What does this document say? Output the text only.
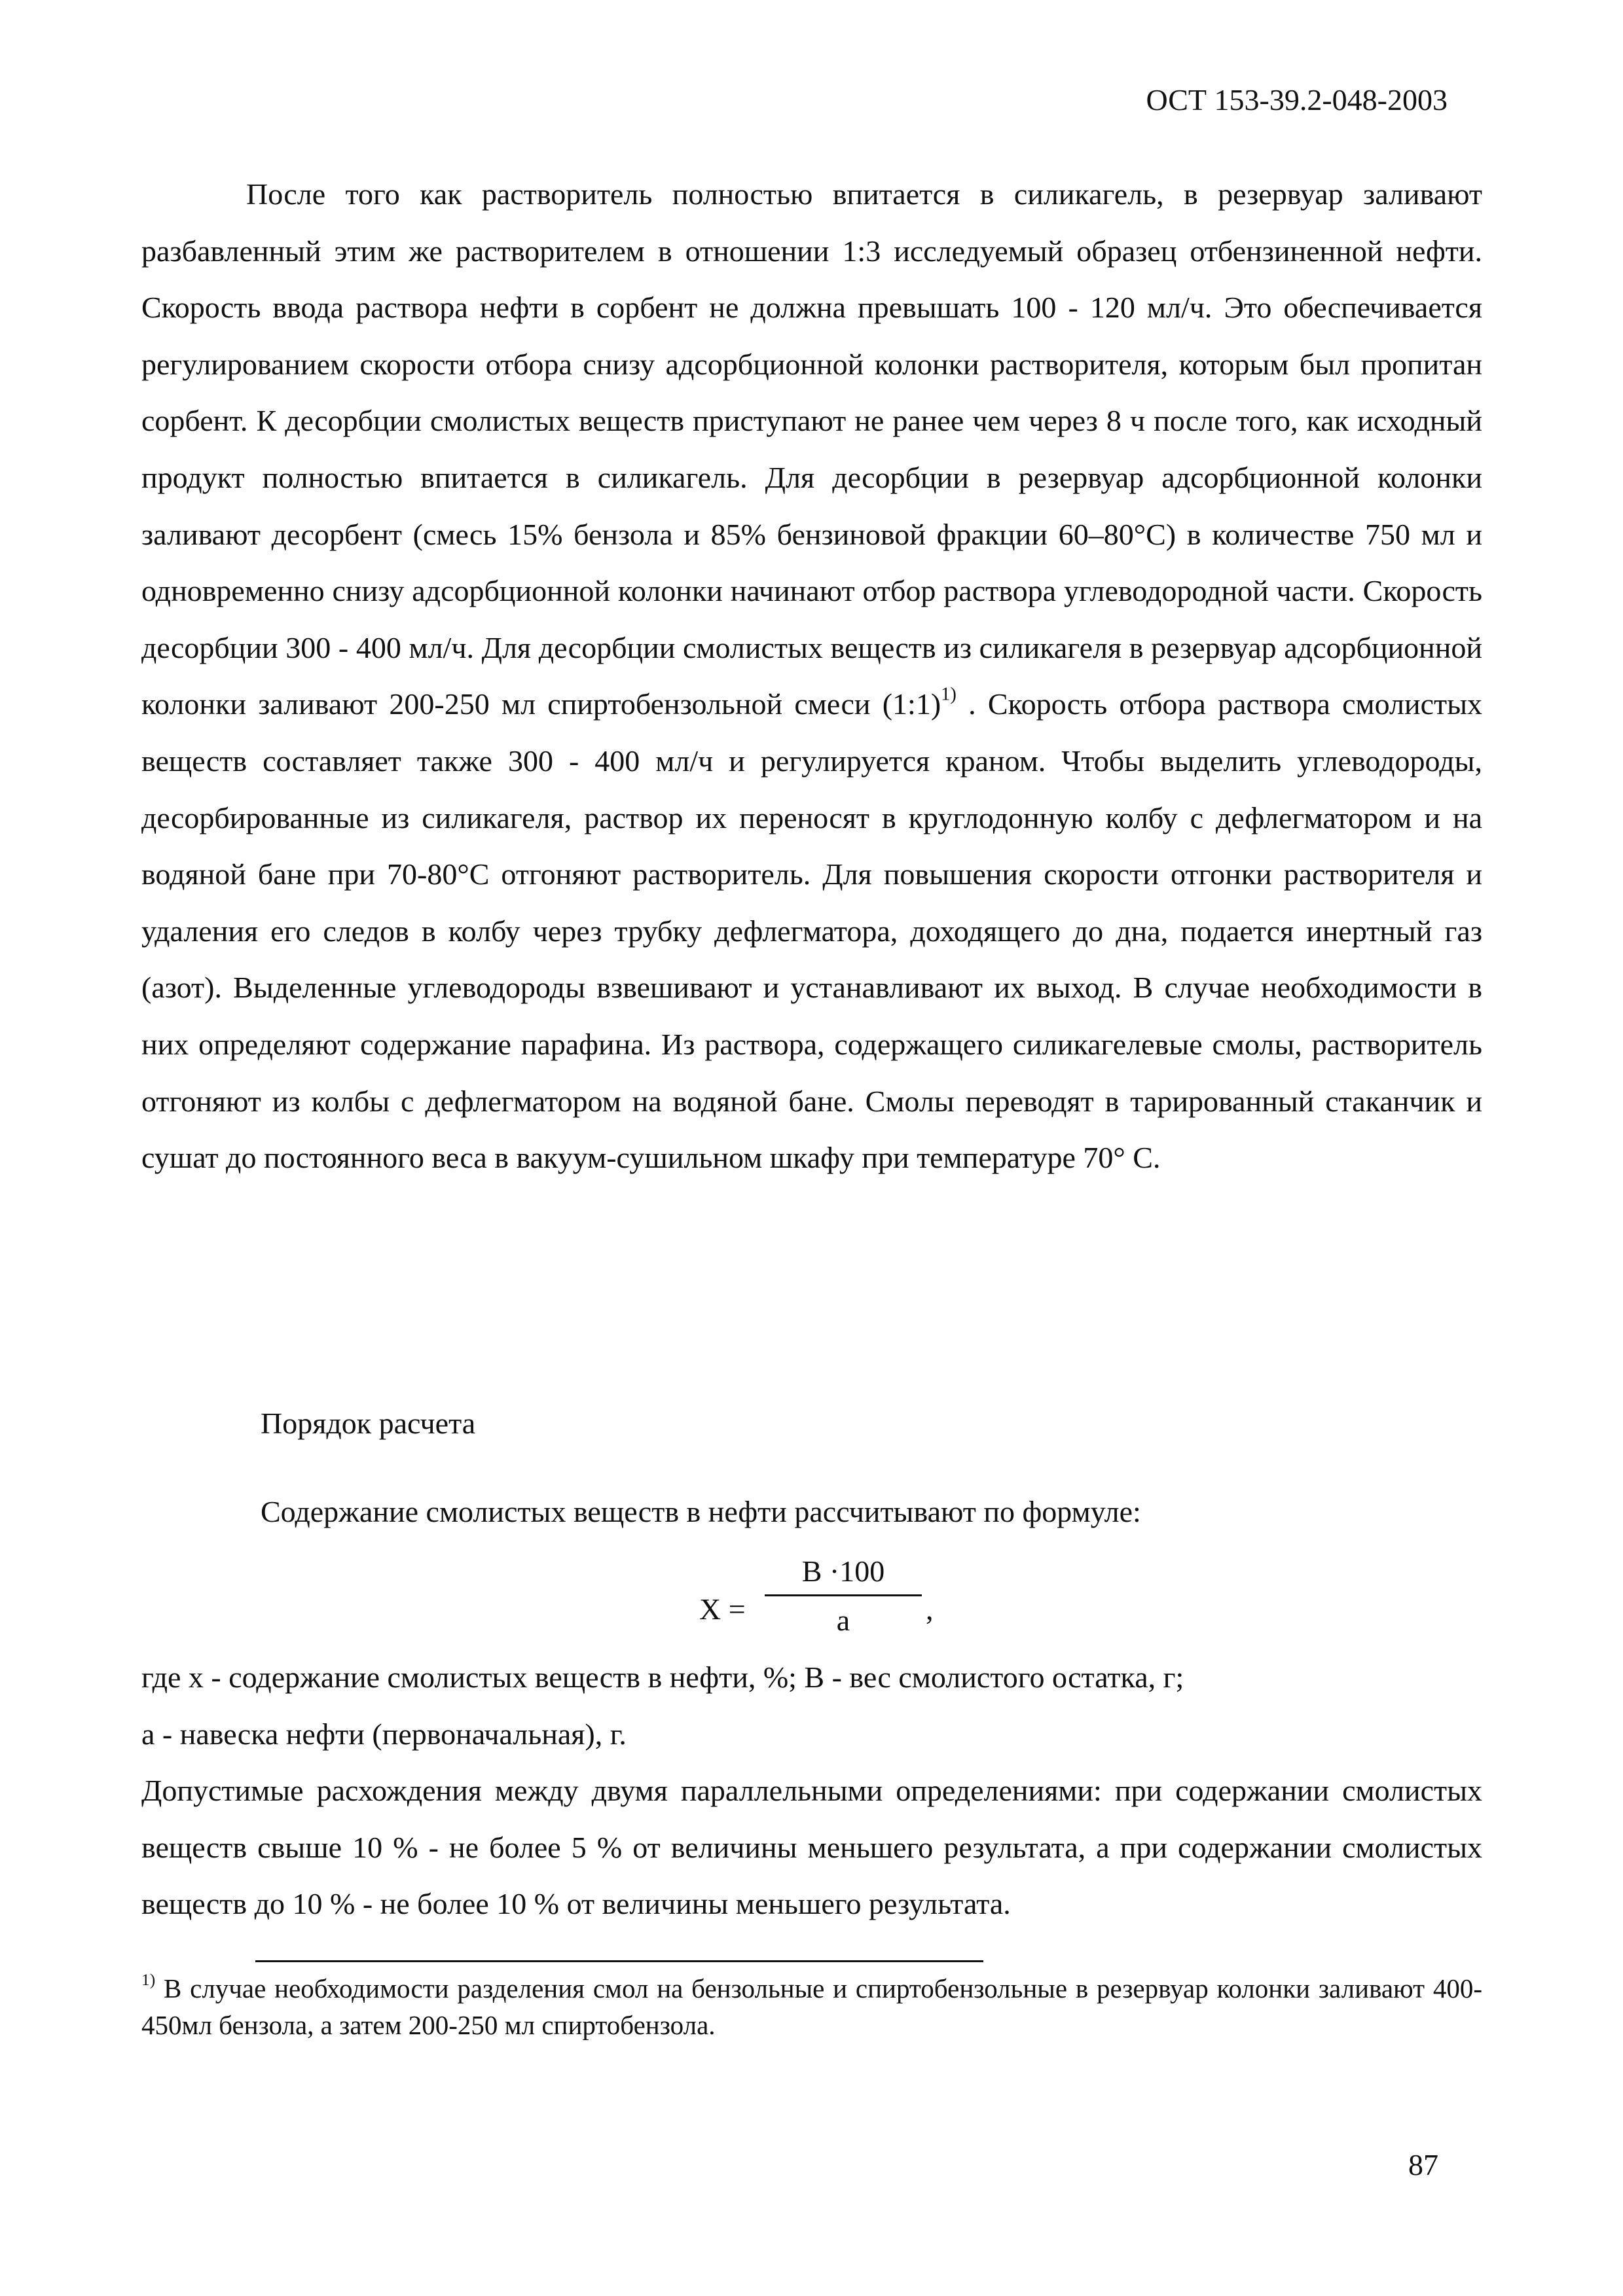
ОСТ 153-39.2-048-2003

После того как растворитель полностью впитается в силикагель, в резервуар заливают разбавленный этим же растворителем в отношении 1:3 исследуемый образец отбензиненной нефти. Скорость ввода раствора нефти в сорбент не должна превышать 100 - 120 мл/ч. Это обеспечивается регулированием скорости отбора снизу адсорбционной колонки растворителя, которым был пропитан сорбент. К десорбции смолистых веществ приступают не ранее чем через 8 ч после того, как исходный продукт полностью впитается в силикагель. Для десорбции в резервуар адсорбционной колонки заливают десорбент (смесь 15% бензола и 85% бензиновой фракции 60–80°С) в количестве 750 мл и одновременно снизу адсорбционной колонки начинают отбор раствора углеводородной части. Скорость десорбции 300 - 400 мл/ч. Для десорбции смолистых веществ из силикагеля в резервуар адсорбционной колонки заливают 200-250 мл спиртобензольной смеси (1:1)$^{1)}$ . Скорость отбора раствора смолистых веществ составляет также 300 - 400 мл/ч и регулируется краном. Чтобы выделить углеводороды, десорбированные из силикагеля, раствор их переносят в круглодонную колбу с дефлегматором и на водяной бане при 70-80°С отгоняют растворитель. Для повышения скорости отгонки растворителя и удаления его следов в колбу через трубку дефлегматора, доходящего до дна, подается инертный газ (азот). Выделенные углеводороды взвешивают и устанавливают их выход. В случае необходимости в них определяют содержание парафина. Из раствора, содержащего силикагелевые смолы, растворитель отгоняют из колбы с дефлегматором на водяной бане. Смолы переводят в тарированный стаканчик и сушат до постоянного веса в вакуум-сушильном шкафу при температуре 70° С.

Порядок расчета
Содержание смолистых веществ в нефти рассчитывают по формуле:
X =
B ·100
a	,

где х - содержание смолистых веществ в нефти, %; В - вес смолистого остатка, г;

а - навеска нефти (первоначальная), г.

Допустимые расхождения между двумя параллельными определениями: при содержании смолистых веществ свыше 10 % - не более 5 % от величины меньшего результата, а при содержании смолистых веществ до 10 % - не более 10 % от величины меньшего результата.

$^{1)}$ В случае необходимости разделения смол на бензольные и спиртобензольные в резервуар колонки заливают 400-450мл бензола, а затем 200-250 мл спиртобензола.

87
